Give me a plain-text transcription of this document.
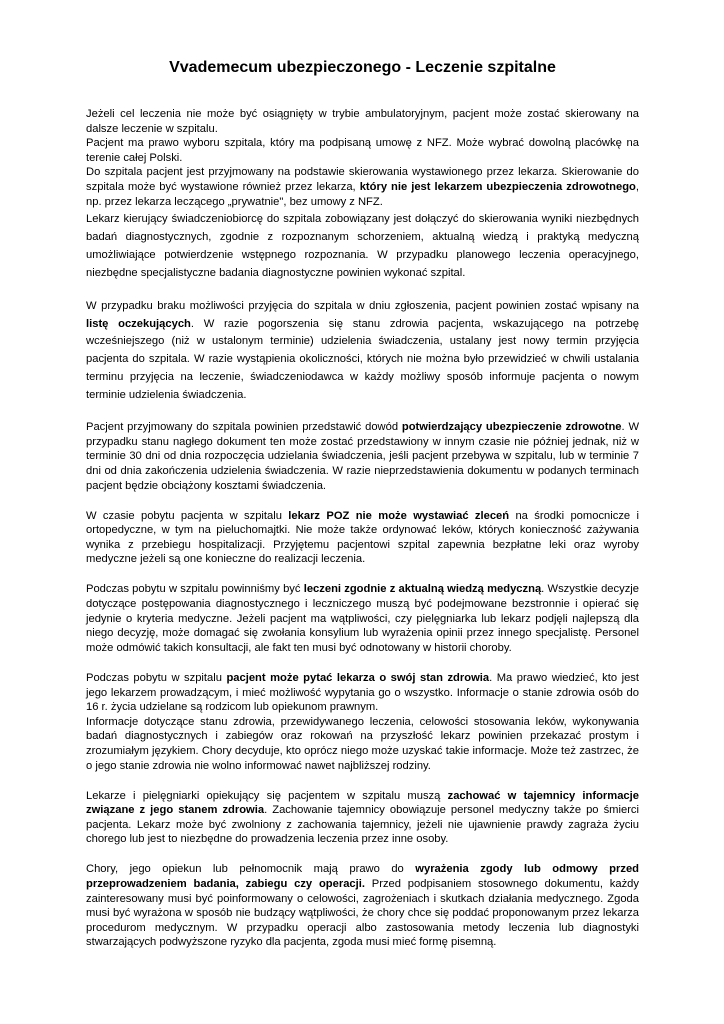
Vvademecum ubezpieczonego - Leczenie szpitalne

Jeżeli cel leczenia nie może być osiągnięty w trybie ambulatoryjnym, pacjent może zostać skierowany na dalsze leczenie w szpitalu.

Pacjent ma prawo wyboru szpitala, który ma podpisaną umowę z NFZ. Może wybrać dowolną placówkę na terenie całej Polski.

Do szpitala pacjent jest przyjmowany na podstawie skierowania wystawionego przez lekarza. Skierowanie do szpitala może być wystawione również przez lekarza, który nie jest lekarzem ubezpieczenia zdrowotnego, np. przez lekarza leczącego „prywatnie", bez umowy z NFZ.

Lekarz kierujący świadczeniobiorcę do szpitala zobowiązany jest dołączyć do skierowania wyniki niezbędnych badań diagnostycznych, zgodnie z rozpoznanym schorzeniem, aktualną wiedzą i praktyką medyczną umożliwiające potwierdzenie wstępnego rozpoznania. W przypadku planowego leczenia operacyjnego, niezbędne specjalistyczne badania diagnostyczne powinien wykonać szpital.

W przypadku braku możliwości przyjęcia do szpitala w dniu zgłoszenia, pacjent powinien zostać wpisany na listę oczekujących. W razie pogorszenia się stanu zdrowia pacjenta, wskazującego na potrzebę wcześniejszego (niż w ustalonym terminie) udzielenia świadczenia, ustalany jest nowy termin przyjęcia pacjenta do szpitala. W razie wystąpienia okoliczności, których nie można było przewidzieć w chwili ustalania terminu przyjęcia na leczenie, świadczeniodawca w każdy możliwy sposób informuje pacjenta o nowym terminie udzielenia świadczenia.

Pacjent przyjmowany do szpitala powinien przedstawić dowód potwierdzający ubezpieczenie zdrowotne. W przypadku stanu nagłego dokument ten może zostać przedstawiony w innym czasie nie później jednak, niż w terminie 30 dni od dnia rozpoczęcia udzielania świadczenia, jeśli pacjent przebywa w szpitalu, lub w terminie 7 dni od dnia zakończenia udzielenia świadczenia. W razie nieprzedstawienia dokumentu w podanych terminach pacjent będzie obciążony kosztami świadczenia.

W czasie pobytu pacjenta w szpitalu lekarz POZ nie może wystawiać zleceń na środki pomocnicze i ortopedyczne, w tym na pieluchomajtki. Nie może także ordynować leków, których konieczność zażywania wynika z przebiegu hospitalizacji. Przyjętemu pacjentowi szpital zapewnia bezpłatne leki oraz wyroby medyczne jeżeli są one konieczne do realizacji leczenia.

Podczas pobytu w szpitalu powinniśmy być leczeni zgodnie z aktualną wiedzą medyczną. Wszystkie decyzje dotyczące postępowania diagnostycznego i leczniczego muszą być podejmowane bezstronnie i opierać się jedynie o kryteria medyczne. Jeżeli pacjent ma wątpliwości, czy pielęgniarka lub lekarz podjęli najlepszą dla niego decyzję, może domagać się zwołania konsylium lub wyrażenia opinii przez innego specjalistę. Personel może odmówić takich konsultacji, ale fakt ten musi być odnotowany w historii choroby.

Podczas pobytu w szpitalu pacjent może pytać lekarza o swój stan zdrowia. Ma prawo wiedzieć, kto jest jego lekarzem prowadzącym, i mieć możliwość wypytania go o wszystko. Informacje o stanie zdrowia osób do 16 r. życia udzielane są rodzicom lub opiekunom prawnym.

Informacje dotyczące stanu zdrowia, przewidywanego leczenia, celowości stosowania leków, wykonywania badań diagnostycznych i zabiegów oraz rokowań na przyszłość lekarz powinien przekazać prostym i zrozumiałym językiem. Chory decyduje, kto oprócz niego może uzyskać takie informacje. Może też zastrzec, że o jego stanie zdrowia nie wolno informować nawet najbliższej rodziny.

Lekarze i pielęgniarki opiekujący się pacjentem w szpitalu muszą zachować w tajemnicy informacje związane z jego stanem zdrowia. Zachowanie tajemnicy obowiązuje personel medyczny także po śmierci pacjenta. Lekarz może być zwolniony z zachowania tajemnicy, jeżeli nie ujawnienie prawdy zagraża życiu chorego lub jest to niezbędne do prowadzenia leczenia przez inne osoby.

Chory, jego opiekun lub pełnomocnik mają prawo do wyrażenia zgody lub odmowy przed przeprowadzeniem badania, zabiegu czy operacji. Przed podpisaniem stosownego dokumentu, każdy zainteresowany musi być poinformowany o celowości, zagrożeniach i skutkach działania medycznego. Zgoda musi być wyrażona w sposób nie budzący wątpliwości, że chory chce się poddać proponowanym przez lekarza procedurom medycznym. W przypadku operacji albo zastosowania metody leczenia lub diagnostyki stwarzających podwyższone ryzyko dla pacjenta, zgoda musi mieć formę pisemną.
